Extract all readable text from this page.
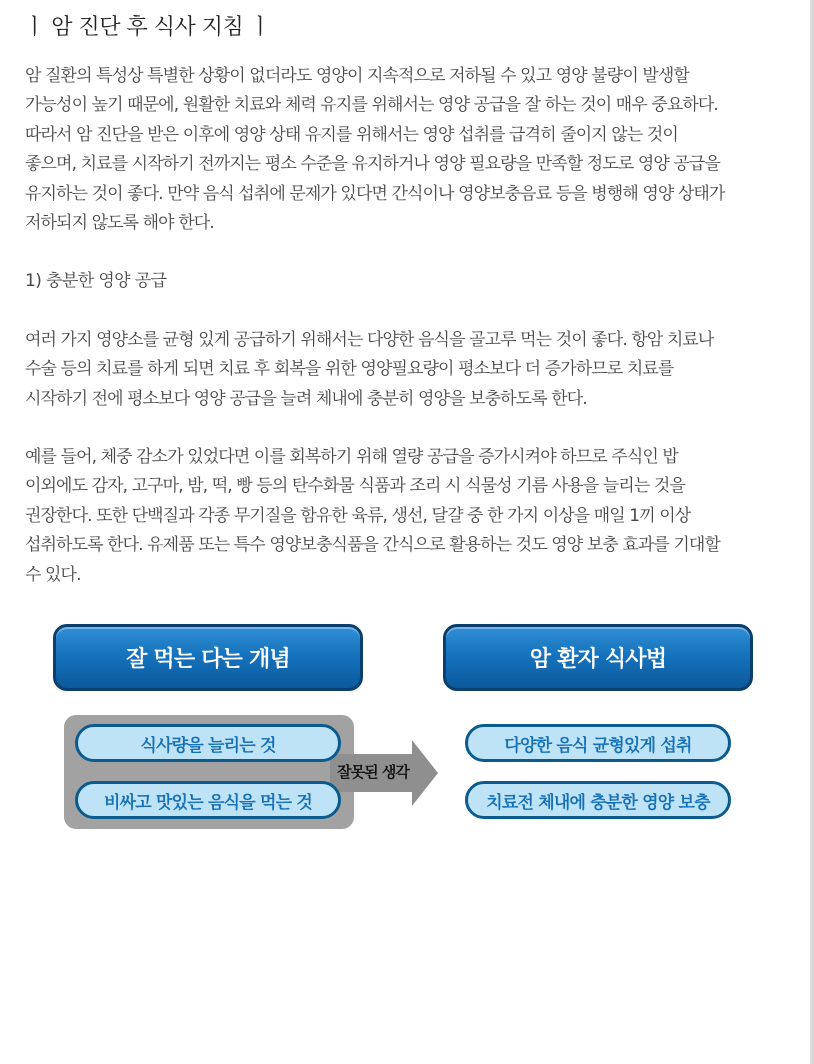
ㅣ 암 진단 후 식사 지침 ㅣ

암 질환의 특성상 특별한 상황이 없더라도 영양이 지속적으로 저하될 수 있고 영양 불량이 발생할
가능성이 높기 때문에, 원활한 치료와 체력 유지를 위해서는 영양 공급을 잘 하는 것이 매우 중요하다.
따라서 암 진단을 받은 이후에 영양 상태 유지를 위해서는 영양 섭취를 급격히 줄이지 않는 것이
좋으며, 치료를 시작하기 전까지는 평소 수준을 유지하거나 영양 필요량을 만족할 정도로 영양 공급을
유지하는 것이 좋다. 만약 음식 섭취에 문제가 있다면 간식이나 영양보충음료 등을 병행해 영양 상태가
저하되지 않도록 해야 한다.

1) 충분한 영양 공급

여러 가지 영양소를 균형 있게 공급하기 위해서는 다양한 음식을 골고루 먹는 것이 좋다. 항암 치료나
수술 등의 치료를 하게 되면 치료 후 회복을 위한 영양필요량이 평소보다 더 증가하므로 치료를
시작하기 전에 평소보다 영양 공급을 늘려 체내에 충분히 영양을 보충하도록 한다.

예를 들어, 체중 감소가 있었다면 이를 회복하기 위해 열량 공급을 증가시켜야 하므로 주식인 밥
이외에도 감자, 고구마, 밤, 떡, 빵 등의 탄수화물 식품과 조리 시 식물성 기름 사용을 늘리는 것을
권장한다. 또한 단백질과 각종 무기질을 함유한 육류, 생선, 달걀 중 한 가지 이상을 매일 1끼 이상
섭취하도록 한다. 유제품 또는 특수 영양보충식품을 간식으로 활용하는 것도 영양 보충 효과를 기대할
수 있다.

잘 먹는 다는 개념	암 환자 식사법
잘못된 생각
식사량을 늘리는 것
비싸고 맛있는 음식을 먹는 것
다양한 음식 균형있게 섭취
치료전 체내에 충분한 영양 보충
